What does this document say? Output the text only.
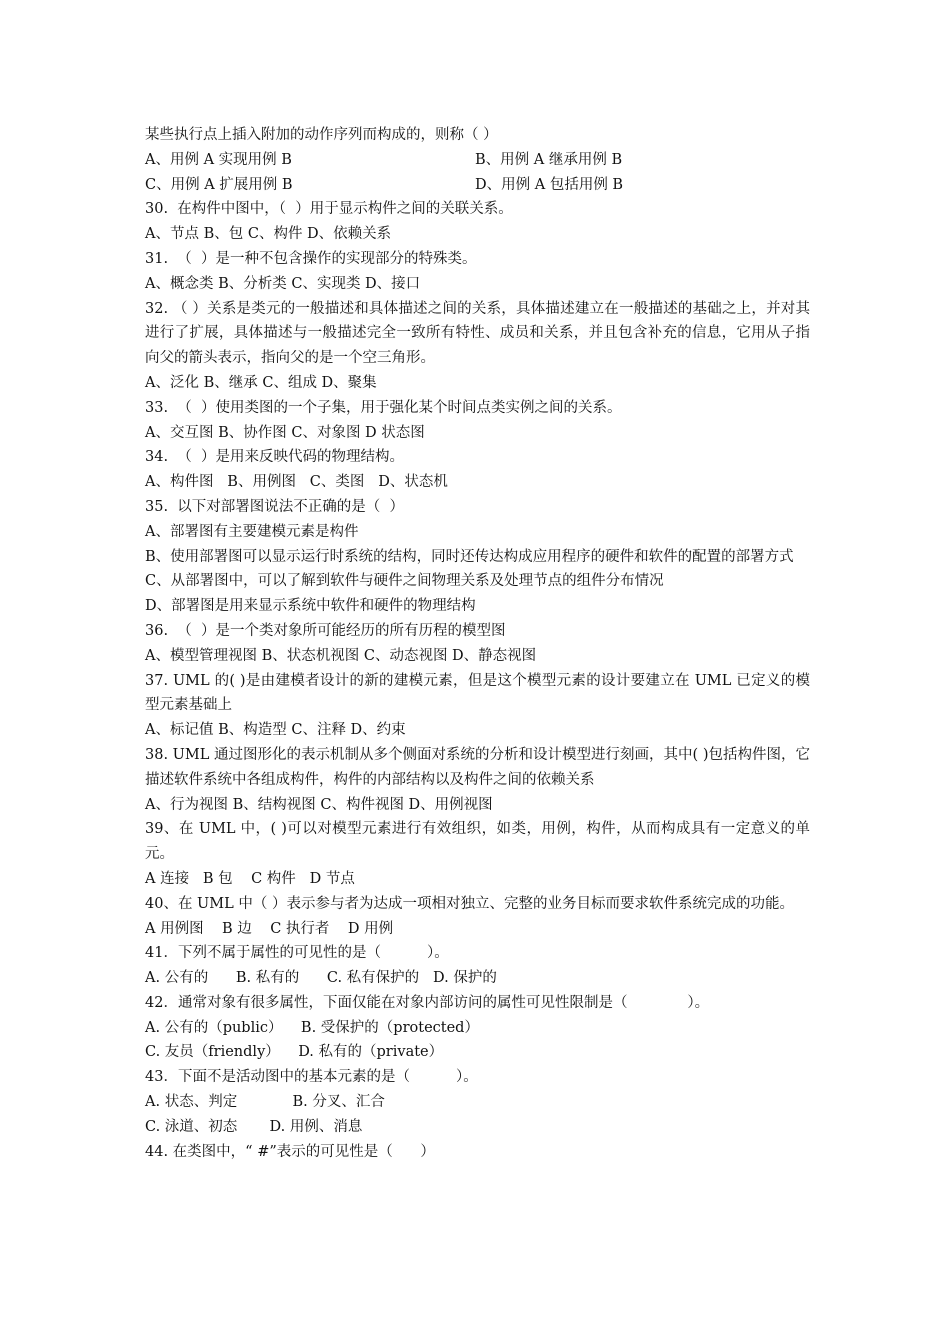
某些执行点上插入附加的动作序列而构成的，则称（ ）

A、用例 A 实现用例 B	B、用例 A 继承用例 B
C、用例 A 扩展用例 B	D、用例 A 包括用例 B

30.  在构件中图中，（  ）用于显示构件之间的关联关系。

A、节点 B、包 C、构件 D、依赖关系

31.  （  ）是一种不包含操作的实现部分的特殊类。

A、概念类 B、分析类 C、实现类 D、接口

32. （ ）关系是类元的一般描述和具体描述之间的关系，具体描述建立在一般描述的基础之上，并对其进行了扩展，具体描述与一般描述完全一致所有特性、成员和关系，并且包含补充的信息，它用从子指向父的箭头表示，指向父的是一个空三角形。

A、泛化 B、继承 C、组成 D、聚集

33.  （  ）使用类图的一个子集，用于强化某个时间点类实例之间的关系。

A、交互图 B、协作图 C、对象图 D 状态图

34.  （  ）是用来反映代码的物理结构。

A、构件图   B、用例图   C、类图   D、状态机

35.  以下对部署图说法不正确的是（  ）

A、部署图有主要建模元素是构件

B、使用部署图可以显示运行时系统的结构，同时还传达构成应用程序的硬件和软件的配置的部署方式

C、从部署图中，可以了解到软件与硬件之间物理关系及处理节点的组件分布情况

D、部署图是用来显示系统中软件和硬件的物理结构

36.  （  ）是一个类对象所可能经历的所有历程的模型图

A、模型管理视图 B、状态机视图 C、动态视图 D、静态视图

37. UML 的( )是由建模者设计的新的建模元素，但是这个模型元素的设计要建立在 UML 已定义的模型元素基础上

A、标记值 B、构造型 C、注释 D、约束

38. UML 通过图形化的表示机制从多个侧面对系统的分析和设计模型进行刻画，其中( )包括构件图，它描述软件系统中各组成构件，构件的内部结构以及构件之间的依赖关系

A、行为视图 B、结构视图 C、构件视图 D、用例视图

39、在 UML 中，( )可以对模型元素进行有效组织，如类，用例，构件，从而构成具有一定意义的单元。

A 连接   B 包    C 构件   D 节点

40、在 UML 中（ ）表示参与者为达成一项相对独立、完整的业务目标而要求软件系统完成的功能。

A 用例图    B 边    C 执行者    D 用例

41．下列不属于属性的可见性的是（          ）。

A. 公有的      B. 私有的      C. 私有保护的   D. 保护的

42．通常对象有很多属性，下面仅能在对象内部访问的属性可见性限制是（             ）。

A. 公有的（public）    B. 受保护的（protected）

C. 友员（friendly）    D. 私有的（private）

43．下面不是活动图中的基本元素的是（          ）。

A. 状态、判定            B. 分叉、汇合

C. 泳道、初态       D. 用例、消息

44. 在类图中，“ #”表示的可见性是（      ）
